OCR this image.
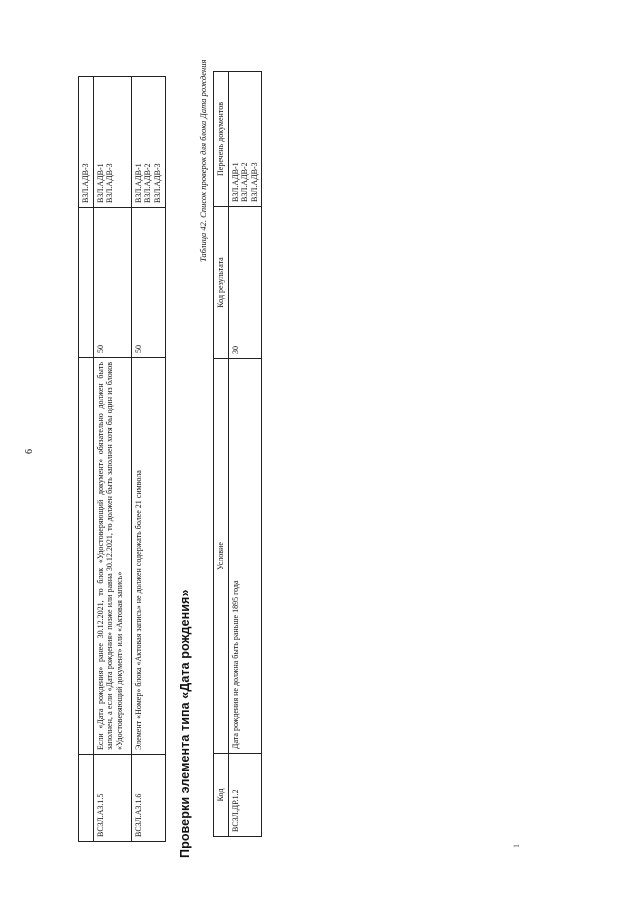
			ВЗЛ.АДВ-3

ВСЗЛ.АЗ.1.5	Если «Дата рождения» ранее 30.12.2021, то блок «Удостоверяющий документ» обязательно должен быть заполнен, а если «Дата рождения» позже или равна 30.12.2021, то должен быть заполнен хотя бы один из блоков «Удостоверяющий документ» или «Актовая запись»	50	ВЗЛ.АДВ-1 ВЗЛ.АДВ-3

ВСЗЛ.АЗ.1.6	Элемент «Номер» блока «Актовая запись» не должен содержать более 21 символа	50	ВЗЛ.АДВ-1 ВЗЛ.АДВ-2 ВЗЛ.АДВ-3
6
Проверки элемента типа «Дата рождения»
Таблица 42. Список проверок для блока Дата рождения
Код	Условие	Код результата	Перечень документов
ВСЗЛ.ДР.1.2	Дата рождения не должна быть раньше 1895 года	30	ВЗЛ.АДВ-1 ВЗЛ.АДВ-2 ВЗЛ.АДВ-3
1
